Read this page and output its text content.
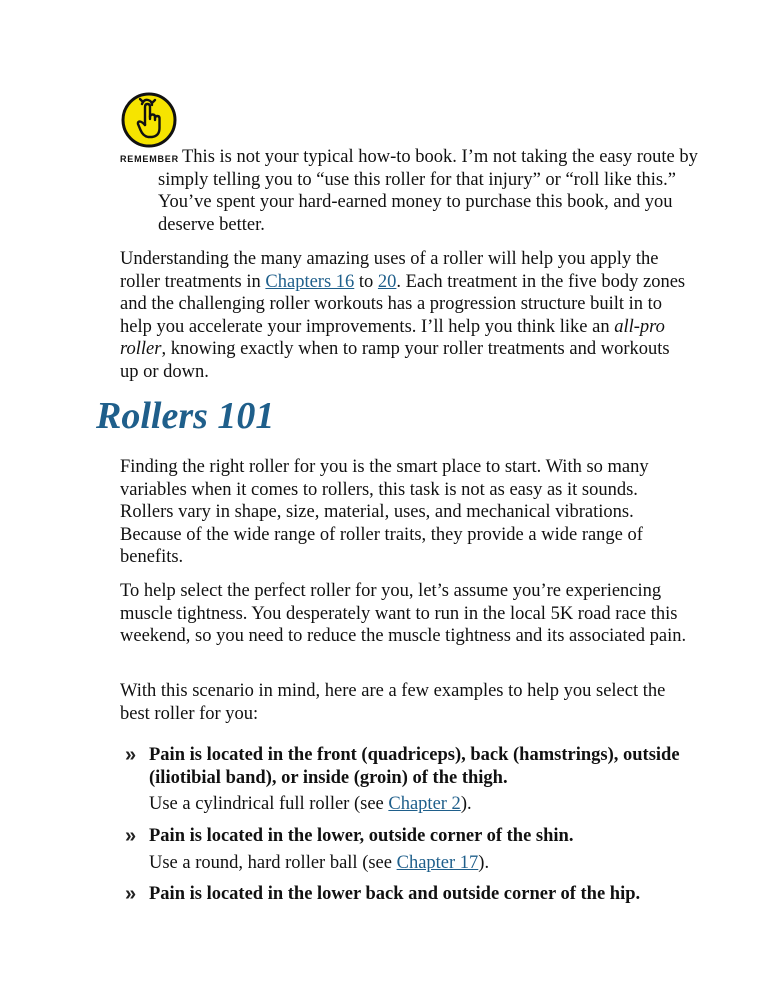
REMEMBER This is not your typical how-to book. I’m not taking the easy route by simply telling you to “use this roller for that injury” or “roll like this.” You’ve spent your hard-earned money to purchase this book, and you deserve better.

Understanding the many amazing uses of a roller will help you apply the roller treatments in Chapters 16 to 20. Each treatment in the five body zones and the challenging roller workouts has a progression structure built in to help you accelerate your improvements. I’ll help you think like an all-pro roller, knowing exactly when to ramp your roller treatments and workouts up or down.

Rollers 101

Finding the right roller for you is the smart place to start. With so many variables when it comes to rollers, this task is not as easy as it sounds. Rollers vary in shape, size, material, uses, and mechanical vibrations. Because of the wide range of roller traits, they provide a wide range of benefits.

To help select the perfect roller for you, let’s assume you’re experiencing muscle tightness. You desperately want to run in the local 5K road race this weekend, so you need to reduce the muscle tightness and its associated pain.

With this scenario in mind, here are a few examples to help you select the best roller for you:

» Pain is located in the front (quadriceps), back (hamstrings), outside (iliotibial band), or inside (groin) of the thigh.

Use a cylindrical full roller (see Chapter 2).

» Pain is located in the lower, outside corner of the shin.

Use a round, hard roller ball (see Chapter 17).

» Pain is located in the lower back and outside corner of the hip.
